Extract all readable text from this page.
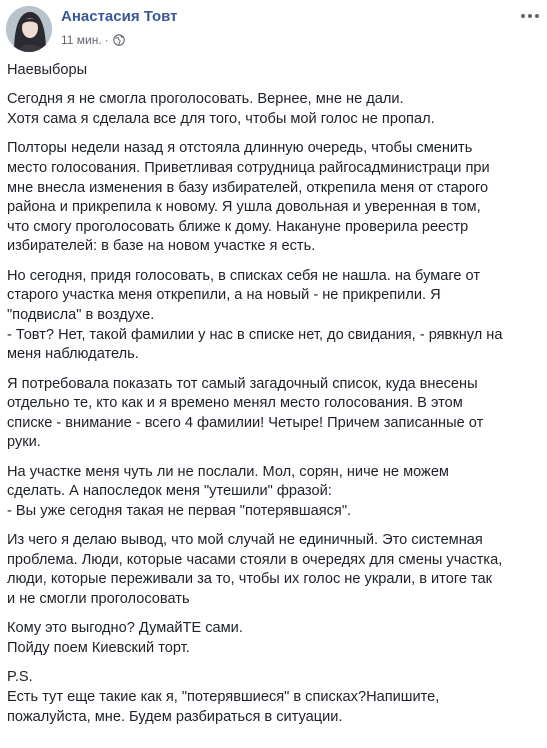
Анастасия Товт
11 мин. ·

Наевыборы

Сегодня я не смогла проголосовать. Вернее, мне не дали.
Хотя сама я сделала все для того, чтобы мой голос не пропал.

Полторы недели назад я отстояла длинную очередь, чтобы сменить
место голосования. Приветливая сотрудница райгосадминистраци при
мне внесла изменения в базу избирателей, открепила меня от старого
района и прикрепила к новому. Я ушла довольная и уверенная в том,
что смогу проголосовать ближе к дому. Накануне проверила реестр
избирателей: в базе на новом участке я есть.

Но сегодня, придя голосовать, в списках себя не нашла. на бумаге от
старого участка меня открепили, а на новый - не прикрепили. Я
"подвисла" в воздухе.
- Товт? Нет, такой фамилии у нас в списке нет, до свидания, - рявкнул на
меня наблюдатель.

Я потребовала показать тот самый загадочный список, куда внесены
отдельно те, кто как и я времено менял место голосования. В этом
списке - внимание - всего 4 фамилии! Четыре! Причем записанные от
руки.

На участке меня чуть ли не послали. Мол, сорян, ниче не можем
сделать. А напоследок меня "утешили" фразой:
- Вы уже сегодня такая не первая "потерявшаяся".

Из чего я делаю вывод, что мой случай не единичный. Это системная
проблема. Люди, которые часами стояли в очередях для смены участка,
люди, которые переживали за то, чтобы их голос не украли, в итоге так
и не смогли проголосовать

Кому это выгодно? ДумайТЕ сами.
Пойду поем Киевский торт.

P.S.
Есть тут еще такие как я, "потерявшиеся" в списках?Напишите,
пожалуйста, мне. Будем разбираться в ситуации.
